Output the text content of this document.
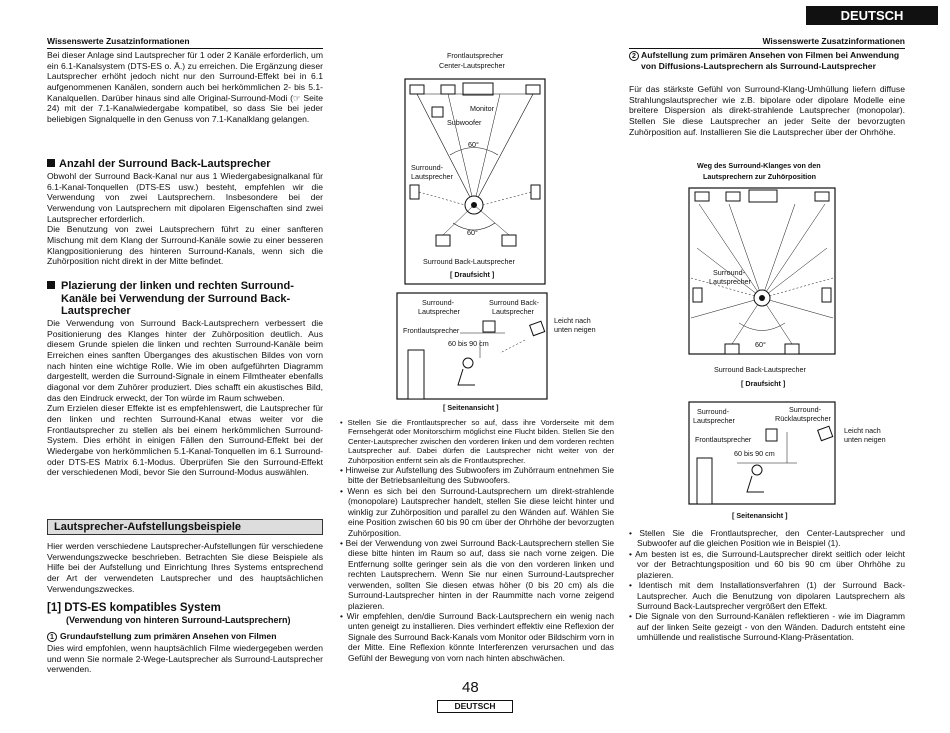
DEUTSCH
Wissenswerte Zusatzinformationen	Wissenswerte Zusatzinformationen
Bei dieser Anlage sind Lautsprecher für 1 oder 2 Kanäle erforderlich, um ein 6.1-Kanalsystem (DTS-ES o. Ä.) zu erreichen. Die Ergänzung dieser Lautsprecher erhöht jedoch nicht nur den Surround-Effekt bei in 6.1 aufgenommenen Kanälen, sondern auch bei herkömmlichen 2- bis 5.1-Kanalquellen. Darüber hinaus sind alle Original-Surround-Modi (☞ Seite 24) mit der 7.1-Kanalwiedergabe kompatibel, so dass Sie bei jeder beliebigen Signalquelle in den Genuss von 7.1-Kanalklang gelangen.
Anzahl der Surround Back-Lautsprecher
Obwohl der Surround Back-Kanal nur aus 1 Wiedergabesignalkanal für 6.1-Kanal-Tonquellen (DTS-ES usw.) besteht, empfehlen wir die Verwendung von zwei Lautsprechern. Insbesondere bei der Verwendung von Lautsprechern mit dipolaren Eigenschaften sind zwei Lautsprecher erforderlich.
Die Benutzung von zwei Lautsprechern führt zu einer sanfteren Mischung mit dem Klang der Surround-Kanäle sowie zu einer besseren Klangpositionierung des hinteren Surround-Kanals, wenn sich die Zuhörposition nicht direkt in der Mitte befindet.
Plazierung der linken und rechten Surround-Kanäle bei Verwendung der Surround Back-Lautsprecher
Die Verwendung von Surround Back-Lautsprechern verbessert die Positionierung des Klanges hinter der Zuhörposition deutlich. Aus diesem Grunde spielen die linken und rechten Surround-Kanäle beim Erreichen eines sanften Überganges des akustischen Bildes von vorn nach hinten eine wichtige Rolle. Wie im oben aufgeführten Diagramm dargestellt, werden die Surround-Signale in einem Filmtheater ebenfalls diagonal vor dem Zuhörer produziert. Dies schafft ein akustisches Bild, das den Eindruck erweckt, der Ton würde im Raum schweben.
Zum Erzielen dieser Effekte ist es empfehlenswert, die Lautsprecher für den linken und rechten Surround-Kanal etwas weiter vor die Frontlautsprecher zu stellen als bei einem herkömmlichen Surround-System. Dies erhöht in einigen Fällen den Surround-Effekt bei der Wiedergabe von herkömmlichen 5.1-Kanal-Tonquellen im 6.1 Surround- oder DTS-ES Matrix 6.1-Modus. Überprüfen Sie den Surround-Effekt der verschiedenen Modi, bevor Sie den Surround-Modus auswählen.
Lautsprecher-Aufstellungsbeispiele
Hier werden verschiedene Lautsprecher-Aufstellungen für verschiedene Verwendungszwecke beschrieben. Betrachten Sie diese Beispiele als Hilfe bei der Aufstellung und Einrichtung Ihres Systems entsprechend der Art der verwendeten Lautsprecher und des hauptsächlichen Verwendungszweckes.
[1] DTS-ES kompatibles System
(Verwendung von hinteren Surround-Lautsprechern)
1 Grundaufstellung zum primären Ansehen von Filmen
Dies wird empfohlen, wenn hauptsächlich Filme wiedergegeben werden und wenn Sie normale 2-Wege-Lautsprecher als Surround-Lautsprecher verwenden.
Frontlautsprecher
Center-Lautsprecher
Monitor
Subwoofer
60°
Surround-
Lautsprecher
60°
Surround Back-Lautsprecher
[ Draufsicht ]
Surround-
Lautsprecher
Surround Back-
Lautsprecher
Frontlautsprecher
60 bis 90 cm
Leicht nach
unten neigen
[ Seitenansicht ]

• Stellen Sie die Frontlautsprecher so auf, dass ihre Vorderseite mit dem Fernsehgerät oder Monitorschirm möglichst eine Flucht bilden. Stellen Sie den Center-Lautsprecher zwischen den vorderen linken und dem vorderen rechten Lautsprecher auf. Dabei dürfen die Lautsprecher nicht weiter von der Zuhörposition entfernt sein als die Frontlautsprecher.

• Hinweise zur Aufstellung des Subwoofers im Zuhörraum entnehmen Sie bitte der Betriebsanleitung des Subwoofers.

• Wenn es sich bei den Surround-Lautsprechern um direkt-strahlende (monopolare) Lautsprecher handelt, stellen Sie diese leicht hinter und winklig zur Zuhörposition und parallel zu den Wänden auf. Wählen Sie eine Position zwischen 60 bis 90 cm über der Ohrhöhe der bevorzugten Zuhörposition.

• Bei der Verwendung von zwei Surround Back-Lautsprechern stellen Sie diese bitte hinten im Raum so auf, dass sie nach vorne zeigen. Die Entfernung sollte geringer sein als die von den vorderen linken und rechten Lautsprechern. Wenn Sie nur einen Surround-Lautsprecher verwenden, sollten Sie diesen etwas höher (0 bis 20 cm) als die Surround-Lautsprecher hinten in der Raummitte nach vorne zeigend plazieren.

• Wir empfehlen, den/die Surround Back-Lautsprechern ein wenig nach unten geneigt zu installieren. Dies verhindert effektiv eine Reflexion der Signale des Surround Back-Kanals vom Monitor oder Bildschirm vorn in der Mitte. Eine Reflexion könnte Interferenzen verursachen und das Gefühl der Bewegung von vorn nach hinten abschwächen.

48
DEUTSCH
2 Aufstellung zum primären Ansehen von Filmen bei Anwendung von Diffusions-Lautsprechern als Surround-Lautsprecher
Für das stärkste Gefühl von Surround-Klang-Umhüllung liefern diffuse Strahlungslautsprecher wie z.B. bipolare oder dipolare Modelle eine breitere Dispersion als direkt-strahlende Lautsprecher (monopolar). Stellen Sie diese Lautsprecher an jeder Seite der bevorzugten Zuhörposition auf. Installieren Sie die Lautsprecher über der Ohrhöhe.
Weg des Surround-Klanges von den
Lautsprechern zur Zuhörposition
Surround-
Lautsprecher
60°
Surround Back-Lautsprecher
[ Draufsicht ]
Surround-
Lautsprecher
Surround-
Rücklautsprecher
Frontlautsprecher
60 bis 90 cm
Leicht nach
unten neigen
[ Seitenansicht ]

• Stellen Sie die Frontlautsprecher, den Center-Lautsprecher und Subwoofer auf die gleichen Position wie in Beispiel (1).

• Am besten ist es, die Surround-Lautsprecher direkt seitlich oder leicht vor der Betrachtungsposition und 60 bis 90 cm über Ohrhöhe zu plazieren.

• Identisch mit dem Installationsverfahren (1) der Surround Back-Lautsprecher. Auch die Benutzung von dipolaren Lautsprechern als Surround Back-Lautsprecher vergrößert den Effekt.

• Die Signale von den Surround-Kanälen reflektieren - wie im Diagramm auf der linken Seite gezeigt - von den Wänden. Dadurch entsteht eine umhüllende und realistische Surround-Klang-Präsentation.
